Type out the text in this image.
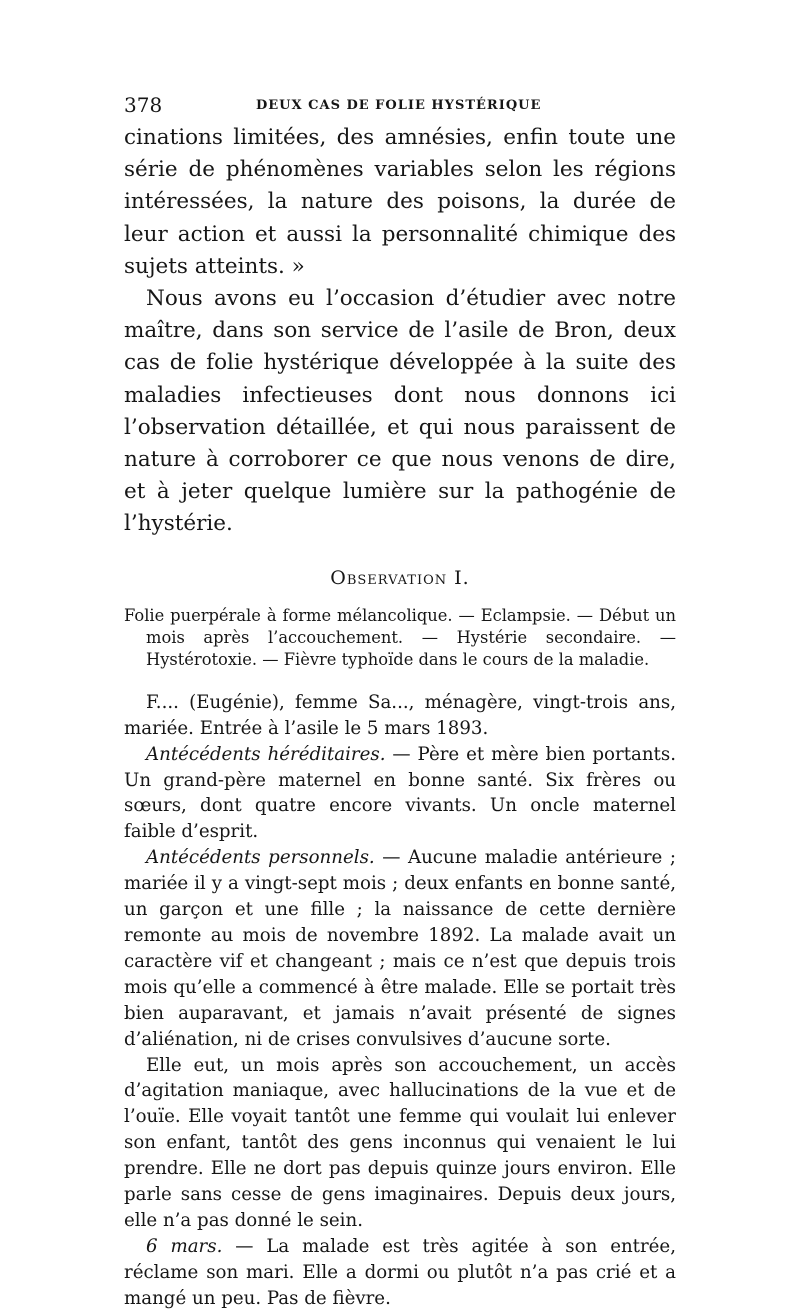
378	DEUX CAS DE FOLIE HYSTÉRIQUE

cinations limitées, des amnésies, enfin toute une série de phénomènes variables selon les régions intéressées, la nature des poisons, la durée de leur action et aussi la personnalité chimique des sujets atteints. »

Nous avons eu l’occasion d’étudier avec notre maître, dans son service de l’asile de Bron, deux cas de folie hystérique développée à la suite des maladies infectieuses dont nous donnons ici l’observation détaillée, et qui nous paraissent de nature à corroborer ce que nous venons de dire, et à jeter quelque lumière sur la pathogénie de l’hystérie.

Observation I.
Folie puerpérale à forme mélancolique. — Eclampsie. — Début un mois après l’accouchement. — Hystérie secondaire. — Hystérotoxie. — Fièvre typhoïde dans le cours de la maladie.

F.... (Eugénie), femme Sa..., ménagère, vingt-trois ans, mariée. Entrée à l’asile le 5 mars 1893.

Antécédents héréditaires. — Père et mère bien portants. Un grand-père maternel en bonne santé. Six frères ou sœurs, dont quatre encore vivants. Un oncle maternel faible d’esprit.

Antécédents personnels. — Aucune maladie antérieure ; mariée il y a vingt-sept mois ; deux enfants en bonne santé, un garçon et une fille ; la naissance de cette dernière remonte au mois de novembre 1892. La malade avait un caractère vif et changeant ; mais ce n’est que depuis trois mois qu’elle a commencé à être malade. Elle se portait très bien auparavant, et jamais n’avait présenté de signes d’aliénation, ni de crises convulsives d’aucune sorte.

Elle eut, un mois après son accouchement, un accès d’agitation maniaque, avec hallucinations de la vue et de l’ouïe. Elle voyait tantôt une femme qui voulait lui enlever son enfant, tantôt des gens inconnus qui venaient le lui prendre. Elle ne dort pas depuis quinze jours environ. Elle parle sans cesse de gens imaginaires. Depuis deux jours, elle n’a pas donné le sein.

6 mars. — La malade est très agitée à son entrée, réclame son mari. Elle a dormi ou plutôt n’a pas crié et a mangé un peu. Pas de fièvre.
